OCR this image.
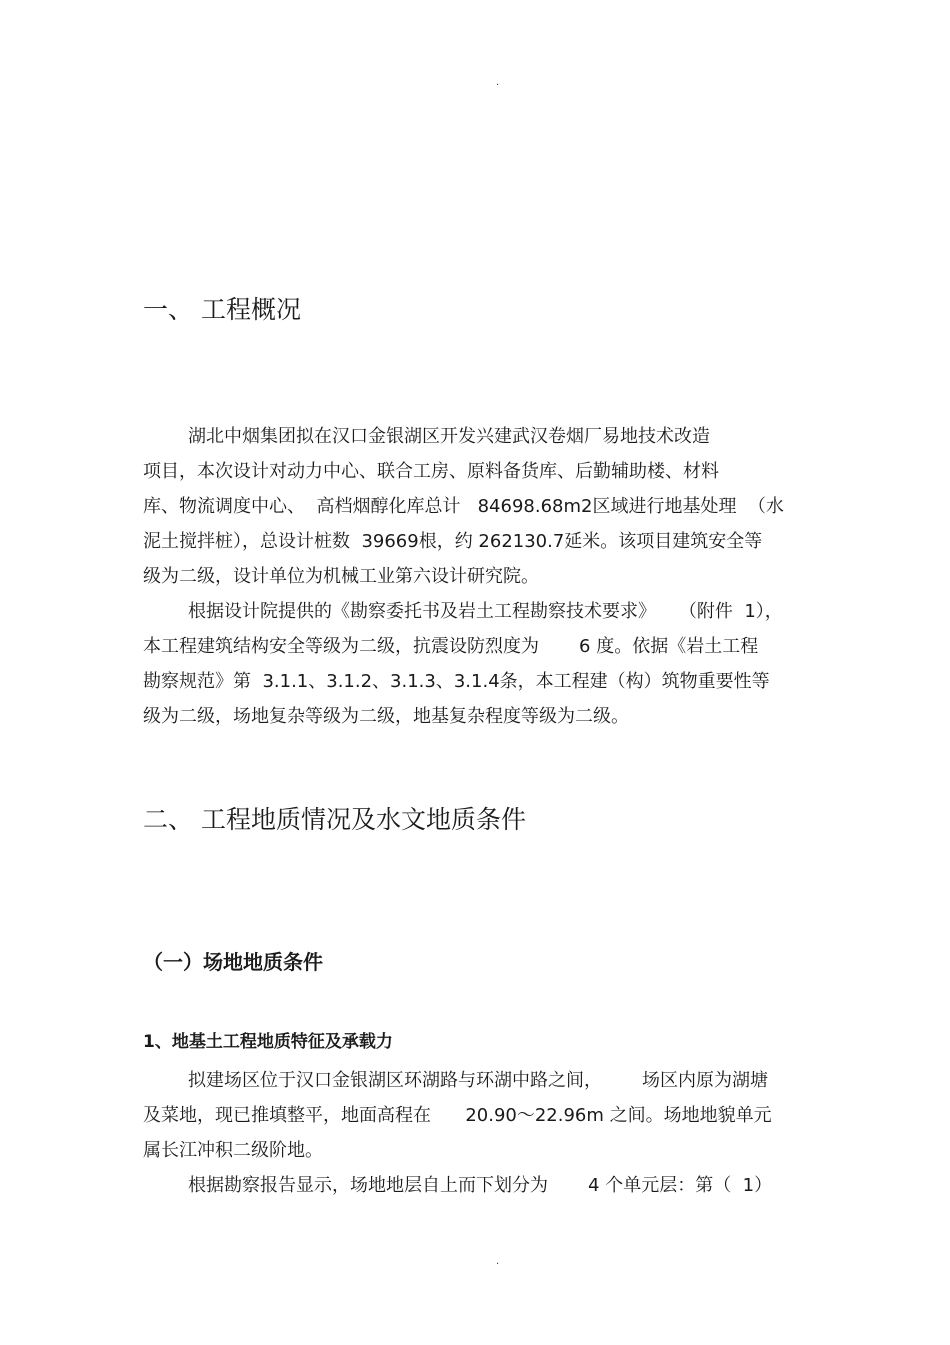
.
一、 工程概况
湖北中烟集团拟在汉口金银湖区开发兴建武汉卷烟厂易地技术改造
项目，本次设计对动力中心、联合工房、原料备货库、后勤辅助楼、材料
库、物流调度中心、  高档烟醇化库总计   84698.68m2区域进行地基处理  （水
泥土搅拌桩），总设计桩数  39669根，约 262130.7延米。该项目建筑安全等
级为二级，设计单位为机械工业第六设计研究院。
根据设计院提供的《勘察委托书及岩土工程勘察技术要求》    （附件  1），
本工程建筑结构安全等级为二级，抗震设防烈度为       6 度。依据《岩土工程
勘察规范》第  3.1.1、3.1.2、3.1.3、3.1.4条，本工程建（构）筑物重要性等
级为二级，场地复杂等级为二级，地基复杂程度等级为二级。
二、 工程地质情况及水文地质条件
（一）场地地质条件
1、地基土工程地质特征及承载力
拟建场区位于汉口金银湖区环湖路与环湖中路之间，       场区内原为湖塘
及菜地，现已推填整平，地面高程在      20.90～22.96m 之间。场地地貌单元
属长江冲积二级阶地。
根据勘察报告显示，场地地层自上而下划分为       4 个单元层：第（  1）
.
